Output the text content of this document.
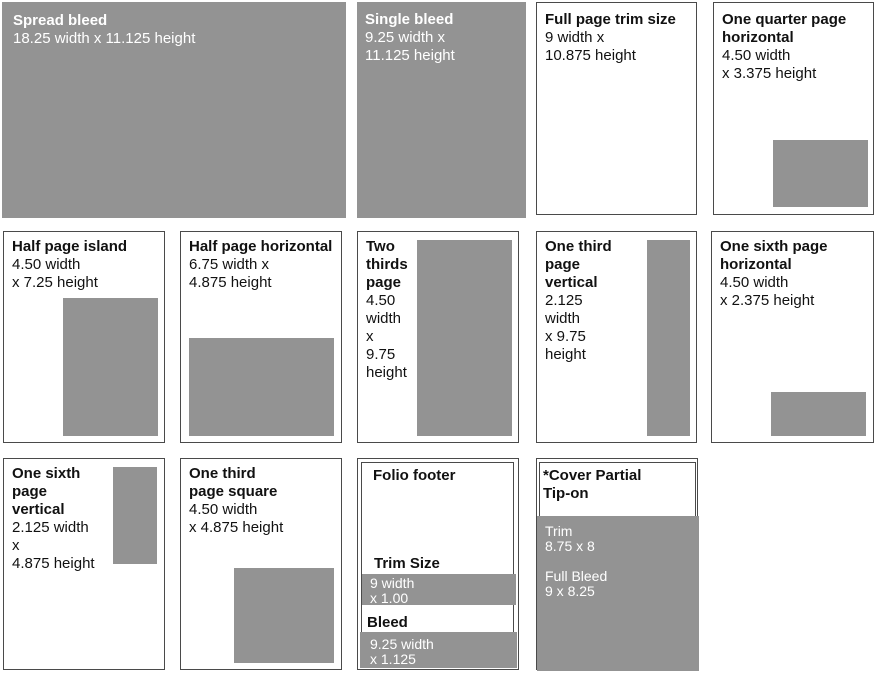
Spread bleed
18.25 width x 11.125 height
Single bleed
9.25 width x
11.125 height
Full page trim size
9 width x
10.875 height
One quarter page
horizontal
4.50 width
x 3.375 height
Half page island
4.50 width
x 7.25 height
Half page horizontal
6.75 width x
4.875 height
Two
thirds
page
4.50
width
x
9.75
height
One third
page
vertical
2.125
width
x 9.75
height
One sixth page
horizontal
4.50 width
x 2.375 height
One sixth
page
vertical
2.125 width
x
4.875 height
One third
page square
4.50 width
x 4.875 height
Folio footer
Trim Size
9 width
x 1.00
Bleed
9.25 width
x 1.125
*Cover Partial
Tip-on
Trim
8.75 x 8
Full Bleed
9 x 8.25
